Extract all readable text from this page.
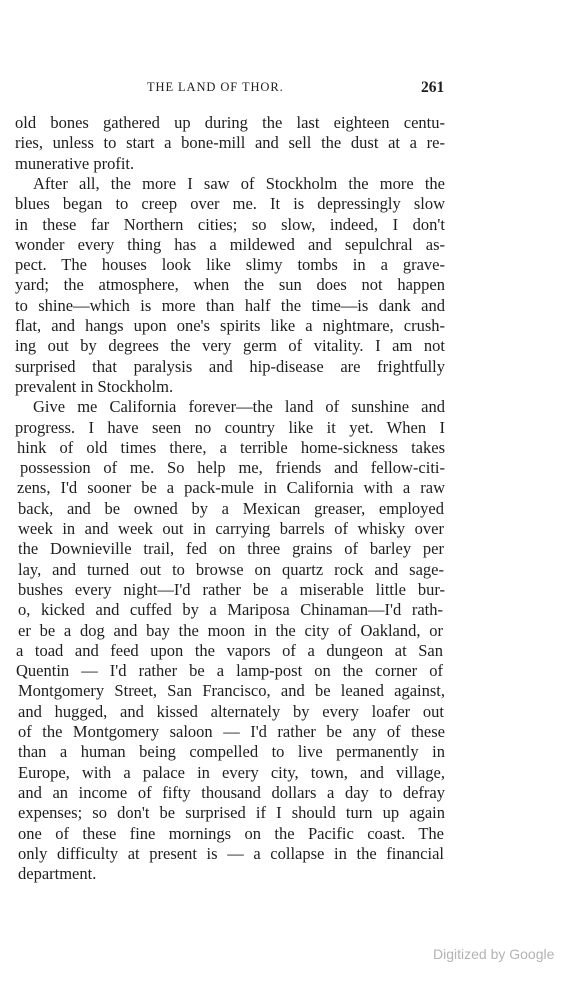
THE LAND OF THOR.	261
old bones gathered up during the last eighteen centu-
ries, unless to start a bone-mill and sell the dust at a re-
munerative profit.
After all, the more I saw of Stockholm the more the
blues began to creep over me. It is depressingly slow
in these far Northern cities; so slow, indeed, I don't
wonder every thing has a mildewed and sepulchral as-
pect. The houses look like slimy tombs in a grave-
yard; the atmosphere, when the sun does not happen
to shine—which is more than half the time—is dank and
flat, and hangs upon one's spirits like a nightmare, crush-
ing out by degrees the very germ of vitality. I am not
surprised that paralysis and hip-disease are frightfully
prevalent in Stockholm.
Give me California forever—the land of sunshine and
progress. I have seen no country like it yet. When I
hink of old times there, a terrible home-sickness takes
possession of me. So help me, friends and fellow-citi-
zens, I'd sooner be a pack-mule in California with a raw
back, and be owned by a Mexican greaser, employed
week in and week out in carrying barrels of whisky over
the Downieville trail, fed on three grains of barley per
lay, and turned out to browse on quartz rock and sage-
bushes every night—I'd rather be a miserable little bur-
o, kicked and cuffed by a Mariposa Chinaman—I'd rath-
er be a dog and bay the moon in the city of Oakland, or
a toad and feed upon the vapors of a dungeon at San
Quentin — I'd rather be a lamp-post on the corner of
Montgomery Street, San Francisco, and be leaned against,
and hugged, and kissed alternately by every loafer out
of the Montgomery saloon — I'd rather be any of these
than a human being compelled to live permanently in
Europe, with a palace in every city, town, and village,
and an income of fifty thousand dollars a day to defray
expenses; so don't be surprised if I should turn up again
one of these fine mornings on the Pacific coast. The
only difficulty at present is — a collapse in the financial
department.
Digitized by Google
